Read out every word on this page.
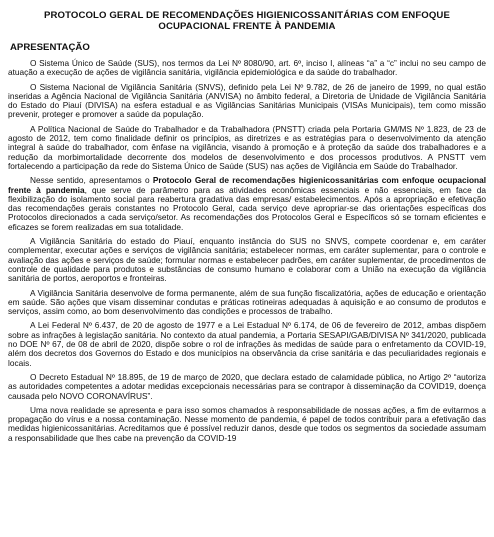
PROTOCOLO GERAL DE RECOMENDAÇÕES HIGIENICOSSANITÁRIAS COM ENFOQUE
OCUPACIONAL FRENTE À PANDEMIA
APRESENTAÇÃO

O Sistema Único de Saúde (SUS), nos termos da Lei Nº 8080/90, art. 6º, inciso I, alíneas “a” a “c” inclui no seu campo de atuação a execução de ações de vigilância sanitária, vigilância epidemiológica e da saúde do trabalhador.

O Sistema Nacional de Vigilância Sanitária (SNVS), definido pela Lei Nº 9.782, de 26 de janeiro de 1999, no qual estão inseridas a Agência Nacional de Vigilância Sanitária (ANVISA) no âmbito federal, a Diretoria de Unidade de Vigilância Sanitária do Estado do Piauí (DIVISA) na esfera estadual e as Vigilâncias Sanitárias Municipais (VISAs Municipais), tem como missão prevenir, proteger e promover a saúde da população.

A Política Nacional de Saúde do Trabalhador e da Trabalhadora (PNSTT) criada pela Portaria GM/MS Nº 1.823, de 23 de agosto de 2012, tem como finalidade definir os princípios, as diretrizes e as estratégias para o desenvolvimento da atenção integral à saúde do trabalhador, com ênfase na vigilância, visando à promoção e à proteção da saúde dos trabalhadores e a redução da morbimortalidade decorrente dos modelos de desenvolvimento e dos processos produtivos. A PNSTT vem fortalecendo a participação da rede do Sistema Único de Saúde (SUS) nas ações de Vigilância em Saúde do Trabalhador.

Nesse sentido, apresentamos o Protocolo Geral de recomendações higienicossanitárias com enfoque ocupacional frente à pandemia, que serve de parâmetro para as atividades econômicas essenciais e não essenciais, em face da flexibilização do isolamento social para reabertura gradativa das empresas/ estabelecimentos. Após a apropriação e efetivação das recomendações gerais constantes no Protocolo Geral, cada serviço deve apropriar-se das orientações específicas dos Protocolos direcionados a cada serviço/setor. As recomendações dos Protocolos Geral e Específicos só se tornam eficientes e eficazes se forem realizadas em sua totalidade.

A Vigilância Sanitária do estado do Piauí, enquanto instância do SUS no SNVS, compete coordenar e, em caráter complementar, executar ações e serviços de vigilância sanitária; estabelecer normas, em caráter suplementar, para o controle e avaliação das ações e serviços de saúde; formular normas e estabelecer padrões, em caráter suplementar, de procedimentos de controle de qualidade para produtos e substâncias de consumo humano e colaborar com a União na execução da vigilância sanitária de portos, aeroportos e fronteiras.

A Vigilância Sanitária desenvolve de forma permanente, além de sua função fiscalizatória, ações de educação e orientação em saúde. São ações que visam disseminar condutas e práticas rotineiras adequadas à aquisição e ao consumo de produtos e serviços, assim como, ao bom desenvolvimento das condições e processos de trabalho.

A Lei Federal Nº 6.437, de 20 de agosto de 1977 e a Lei Estadual Nº 6.174, de 06 de fevereiro de 2012, ambas dispõem sobre as infrações à legislação sanitária. No contexto da atual pandemia, a Portaria SESAPI/GAB/DIVISA Nº 341/2020, publicada no DOE Nº 67, de 08 de abril de 2020, dispõe sobre o rol de infrações às medidas de saúde para o enfretamento da COVID-19, além dos decretos dos Governos do Estado e dos municípios na observância da crise sanitária e das peculiaridades regionais e locais.

O Decreto Estadual Nº 18.895, de 19 de março de 2020, que declara estado de calamidade pública, no Artigo 2º “autoriza as autoridades competentes a adotar medidas excepcionais necessárias para se contrapor à disseminação da COVID19, doença causada pelo NOVO CORONAVÍRUS”.

Uma nova realidade se apresenta e para isso somos chamados à responsabilidade de nossas ações, a fim de evitarmos a propagação do vírus e a nossa contaminação. Nesse momento de pandemia, é papel de todos contribuir para a efetivação das medidas higienicossanitárias. Acreditamos que é possível reduzir danos, desde que todos os segmentos da sociedade assumam a responsabilidade que lhes cabe na prevenção da COVID-19
